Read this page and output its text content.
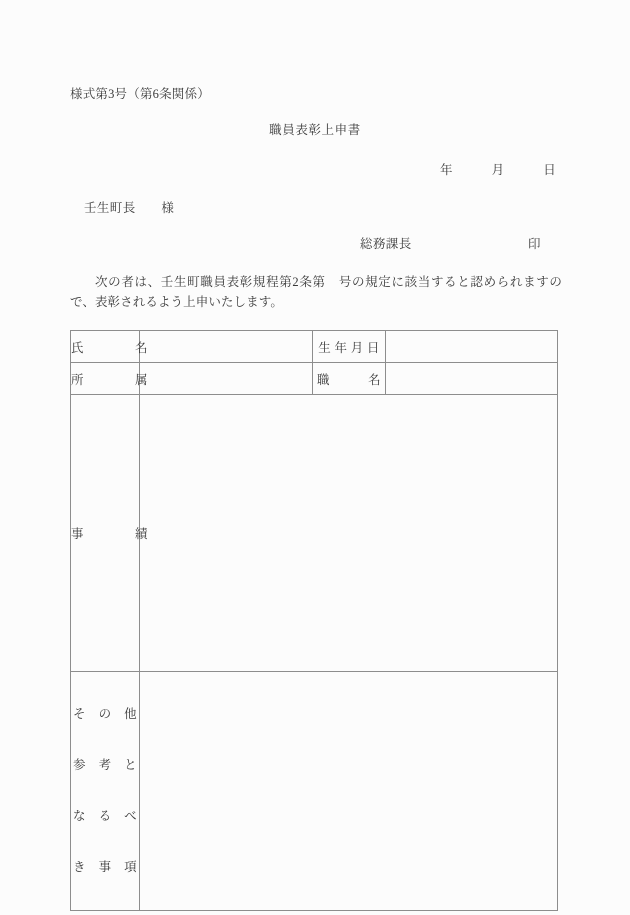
様式第3号（第6条関係）
職員表彰上申書
年　　　月　　　日
壬生町長　　様
総務課長	印
次の者は、壬生町職員表彰規程第2条第　号の規定に該当すると認められますので、表彰されるよう上申いたします。
氏　　　　名		生 年 月 日	
所　　　　属		職　　　名	
事　　　　績			

そ　の　他

参　考　と

な　る　べ

き　事　項			
